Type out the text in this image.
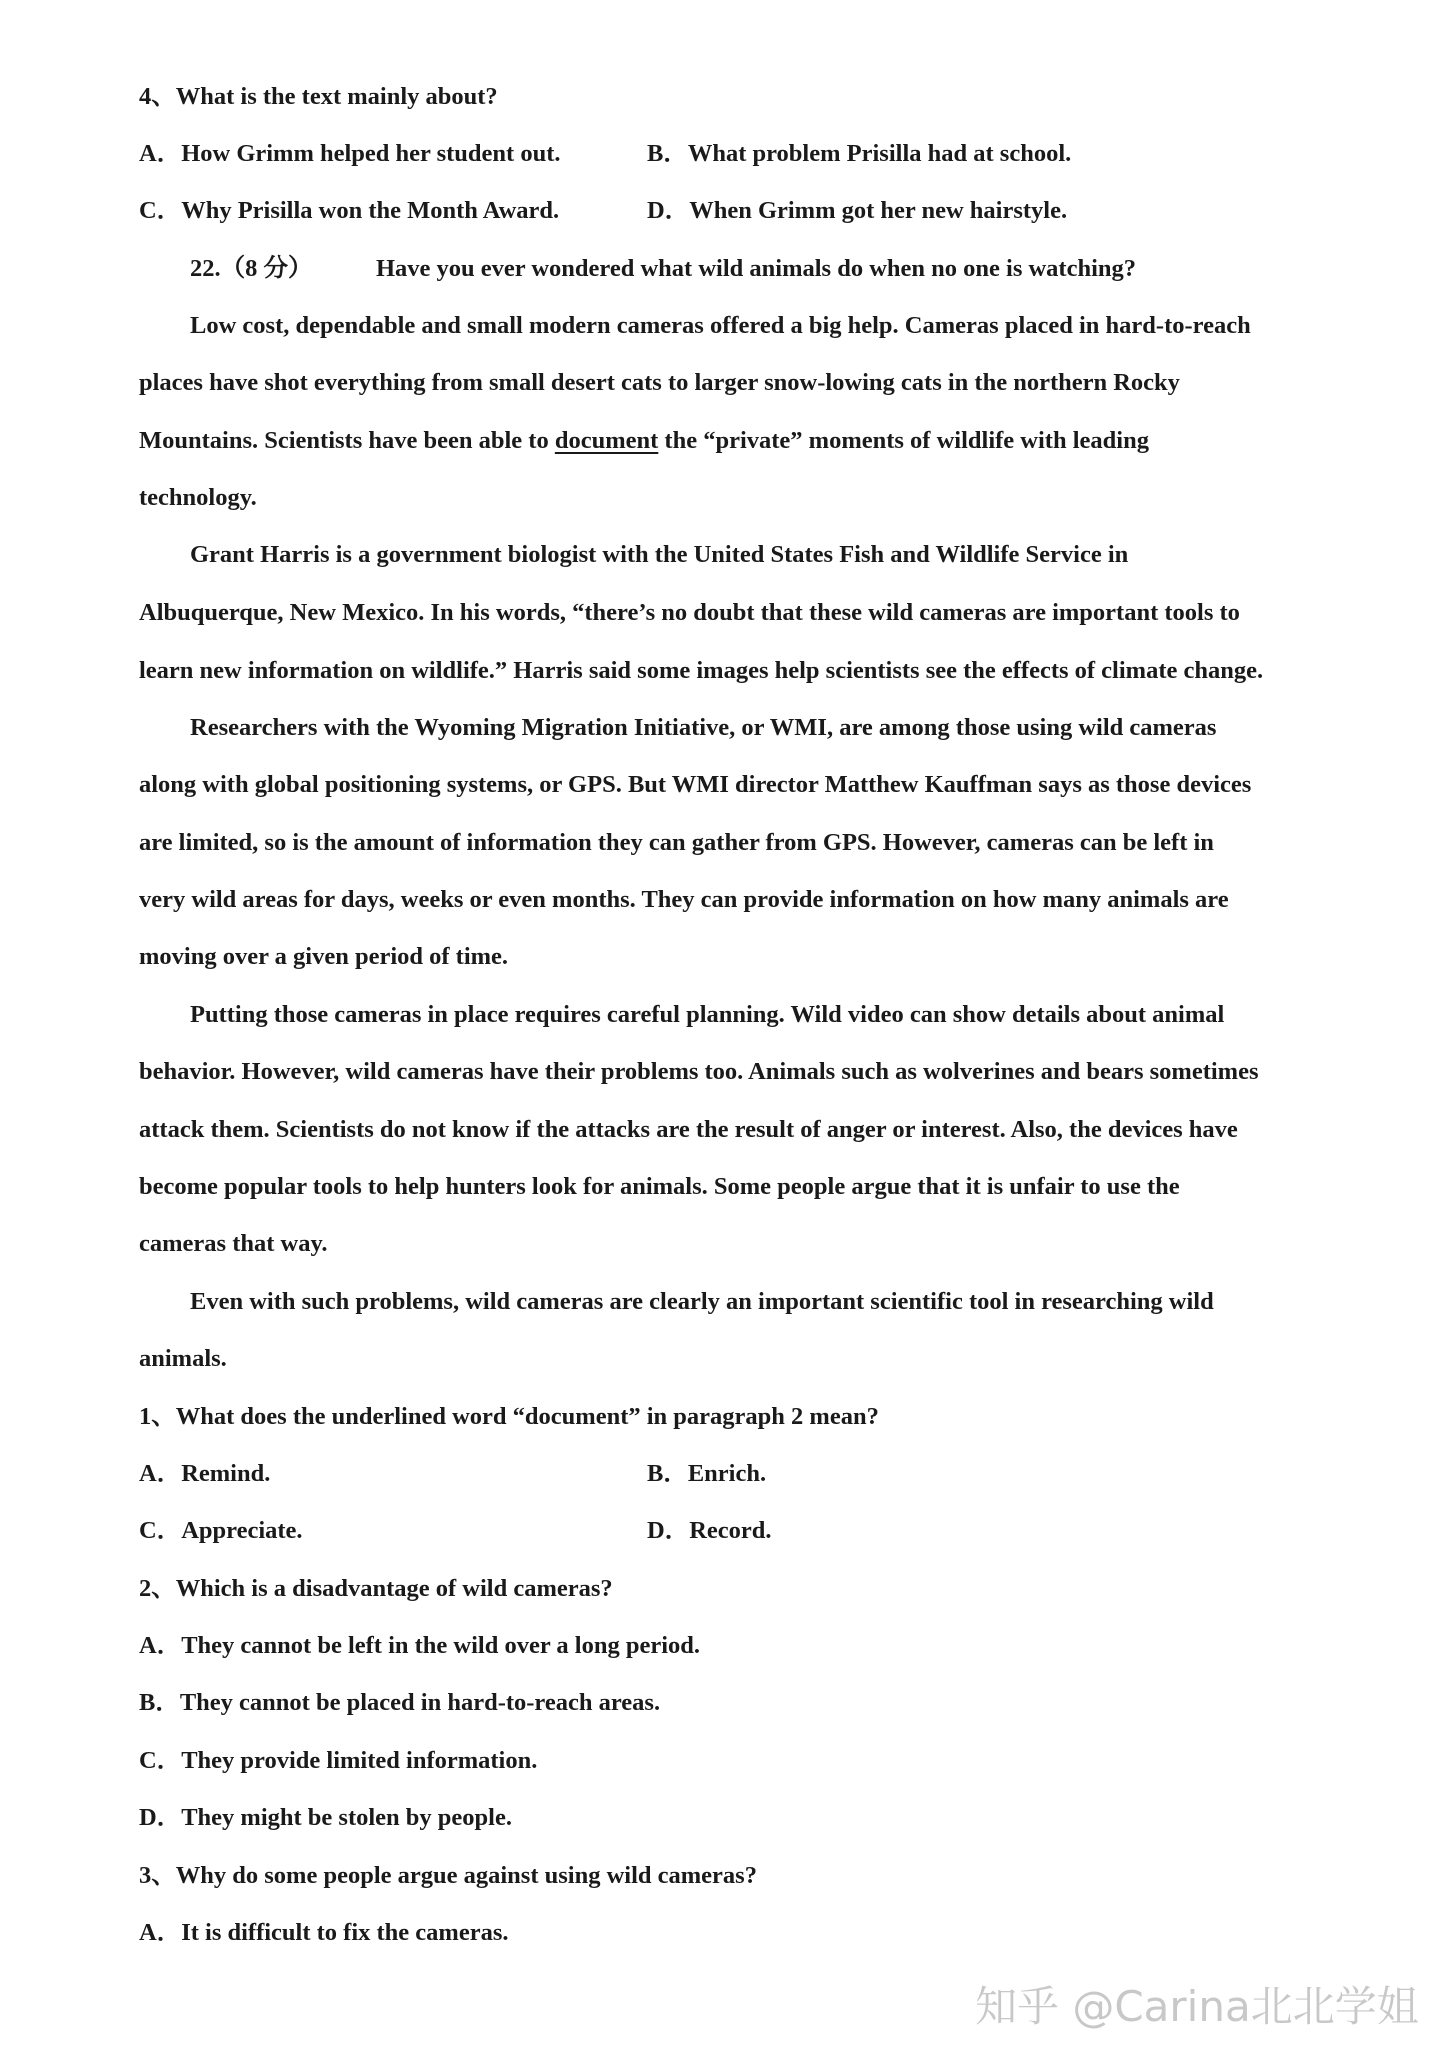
4、What is the text mainly about?
A．How Grimm helped her student out.	B．What problem Prisilla had at school.
C．Why Prisilla won the Month Award.	D．When Grimm got her new hairstyle.
22.（8 分）	Have you ever wondered what wild animals do when no one is watching?
Low cost, dependable and small modern cameras offered a big help. Cameras placed in hard-to-reach
places have shot everything from small desert cats to larger snow-lowing cats in the northern Rocky
Mountains. Scientists have been able to document the “private” moments of wildlife with leading
technology.
Grant Harris is a government biologist with the United States Fish and Wildlife Service in
Albuquerque, New Mexico. In his words, “there’s no doubt that these wild cameras are important tools to
learn new information on wildlife.” Harris said some images help scientists see the effects of climate change.
Researchers with the Wyoming Migration Initiative, or WMI, are among those using wild cameras
along with global positioning systems, or GPS. But WMI director Matthew Kauffman says as those devices
are limited, so is the amount of information they can gather from GPS. However, cameras can be left in
very wild areas for days, weeks or even months. They can provide information on how many animals are
moving over a given period of time.
Putting those cameras in place requires careful planning. Wild video can show details about animal
behavior. However, wild cameras have their problems too. Animals such as wolverines and bears sometimes
attack them. Scientists do not know if the attacks are the result of anger or interest. Also, the devices have
become popular tools to help hunters look for animals. Some people argue that it is unfair to use the
cameras that way.
Even with such problems, wild cameras are clearly an important scientific tool in researching wild
animals.
1、What does the underlined word “document” in paragraph 2 mean?
A．Remind.	B．Enrich.
C．Appreciate.	D．Record.
2、Which is a disadvantage of wild cameras?
A．They cannot be left in the wild over a long period.
B．They cannot be placed in hard-to-reach areas.
C．They provide limited information.
D．They might be stolen by people.
3、Why do some people argue against using wild cameras?
A．It is difficult to fix the cameras.
知乎 @Carina北北学姐
